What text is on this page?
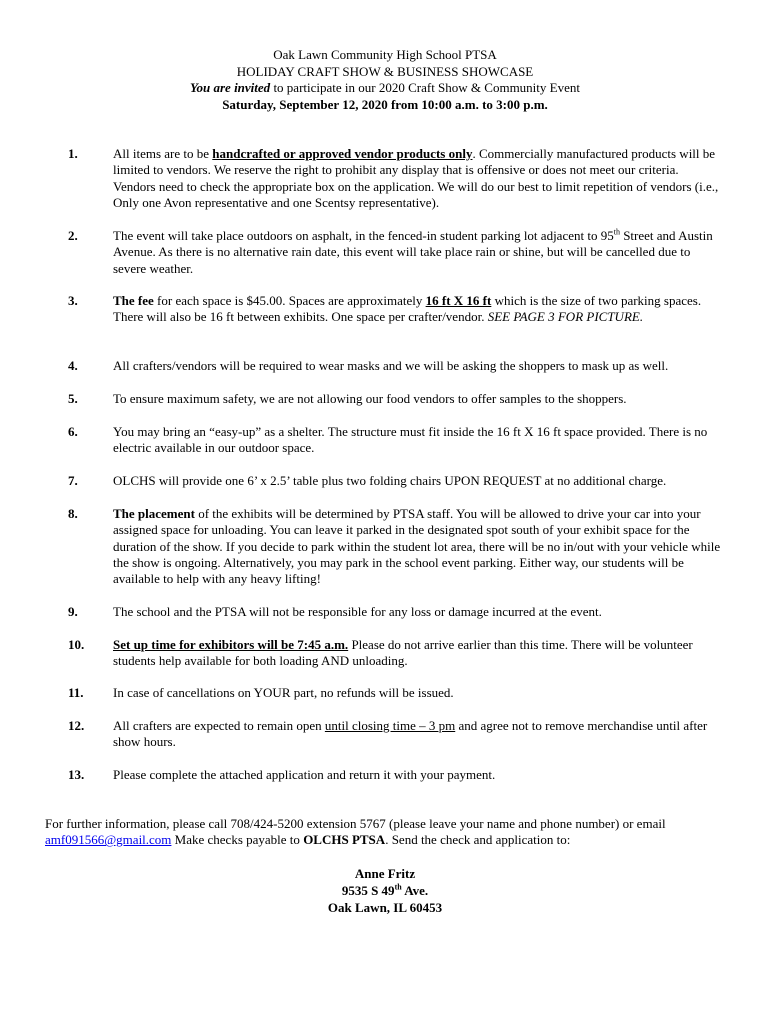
Oak Lawn Community High School PTSA
HOLIDAY CRAFT SHOW & BUSINESS SHOWCASE
You are invited to participate in our 2020 Craft Show & Community Event
Saturday, September 12, 2020 from 10:00 a.m. to 3:00 p.m.
1.	All items are to be handcrafted or approved vendor products only. Commercially manufactured products will be limited to vendors. We reserve the right to prohibit any display that is offensive or does not meet our criteria. Vendors need to check the appropriate box on the application. We will do our best to limit repetition of vendors (i.e., Only one Avon representative and one Scentsy representative).
2.	The event will take place outdoors on asphalt, in the fenced-in student parking lot adjacent to 95th Street and Austin Avenue. As there is no alternative rain date, this event will take place rain or shine, but will be cancelled due to severe weather.
3.	The fee for each space is $45.00. Spaces are approximately 16 ft X 16 ft which is the size of two parking spaces. There will also be 16 ft between exhibits. One space per crafter/vendor. SEE PAGE 3 FOR PICTURE.
4.	All crafters/vendors will be required to wear masks and we will be asking the shoppers to mask up as well.
5.	To ensure maximum safety, we are not allowing our food vendors to offer samples to the shoppers.
6.	You may bring an “easy-up” as a shelter. The structure must fit inside the 16 ft X 16 ft space provided. There is no electric available in our outdoor space.
7.	OLCHS will provide one 6’ x 2.5’ table plus two folding chairs UPON REQUEST at no additional charge.
8.	The placement of the exhibits will be determined by PTSA staff. You will be allowed to drive your car into your assigned space for unloading. You can leave it parked in the designated spot south of your exhibit space for the duration of the show. If you decide to park within the student lot area, there will be no in/out with your vehicle while the show is ongoing. Alternatively, you may park in the school event parking. Either way, our students will be available to help with any heavy lifting!
9.	The school and the PTSA will not be responsible for any loss or damage incurred at the event.
10. Set up time for exhibitors will be 7:45 a.m. Please do not arrive earlier than this time. There will be volunteer students help available for both loading AND unloading.
11. In case of cancellations on YOUR part, no refunds will be issued.
12. All crafters are expected to remain open until closing time – 3 pm and agree not to remove merchandise until after show hours.
13. Please complete the attached application and return it with your payment.
For further information, please call 708/424-5200 extension 5767 (please leave your name and phone number) or email amf091566@gmail.com Make checks payable to OLCHS PTSA. Send the check and application to:
Anne Fritz
9535 S 49th Ave.
Oak Lawn, IL 60453
